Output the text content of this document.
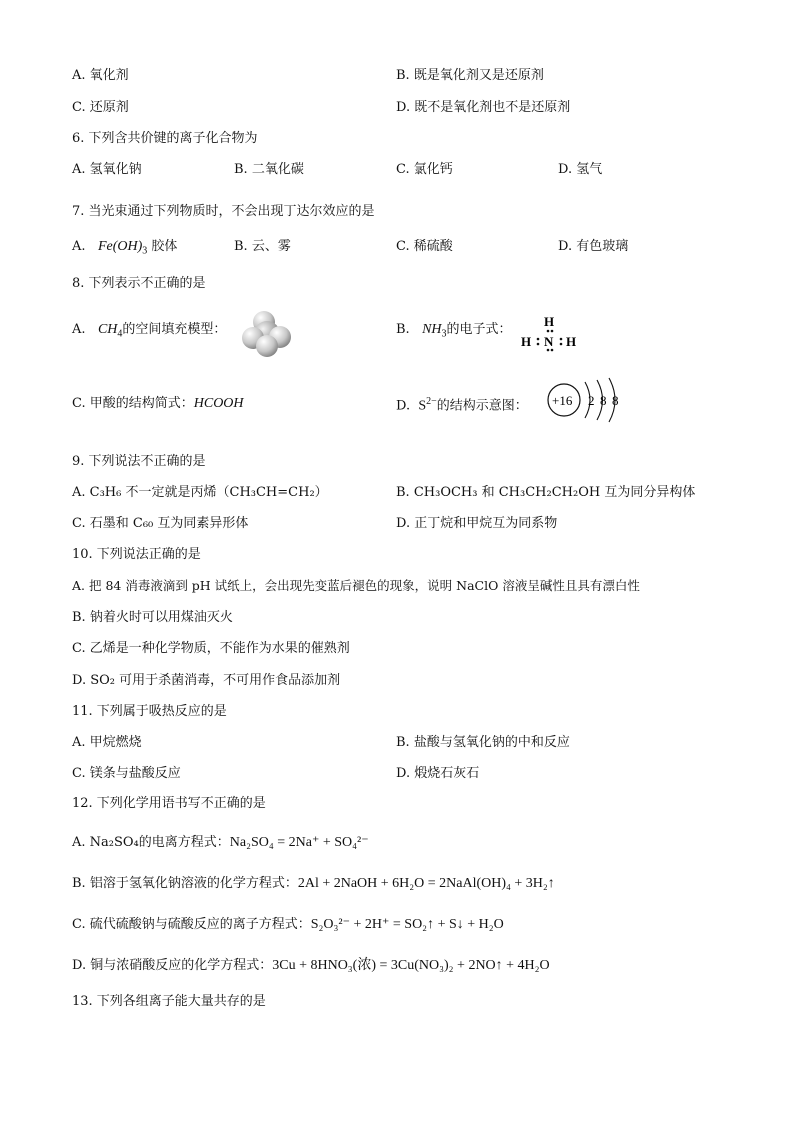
A. 氧化剂	B. 既是氧化剂又是还原剂
C. 还原剂	D. 既不是氧化剂也不是还原剂
6. 下列含共价键的离子化合物为
A. 氢氧化钠	B. 二氧化碳	C. 氯化钙	D. 氢气
7. 当光束通过下列物质时，不会出现丁达尔效应的是
A. $Fe(OH)_3$ 胶体	B. 云、雾	C. 稀硫酸	D. 有色玻璃
8. 下列表示不正确的是
A. $CH_4$的空间填充模型：	B. $NH_3$的电子式：
H
H N H
C. 甲酸的结构简式：HCOOH	D. $S^{2-}$的结构示意图： +16 2 8 8
9. 下列说法不正确的是
A. C₃H₆ 不一定就是丙烯（CH₃CH=CH₂）	B. CH₃OCH₃ 和 CH₃CH₂CH₂OH 互为同分异构体
C. 石墨和 C₆₀ 互为同素异形体	D. 正丁烷和甲烷互为同系物
10. 下列说法正确的是
A. 把 84 消毒液滴到 pH 试纸上，会出现先变蓝后褪色的现象，说明 NaClO 溶液呈碱性且具有漂白性
B. 钠着火时可以用煤油灭火
C. 乙烯是一种化学物质，不能作为水果的催熟剂
D. SO₂ 可用于杀菌消毒，不可用作食品添加剂
11. 下列属于吸热反应的是
A. 甲烷燃烧	B. 盐酸与氢氧化钠的中和反应
C. 镁条与盐酸反应	D. 煅烧石灰石
12. 下列化学用语书写不正确的是
A. Na₂SO₄的电离方程式：Na₂SO₄ = 2Na⁺ + SO₄²⁻
B. 铝溶于氢氧化钠溶液的化学方程式：2Al + 2NaOH + 6H₂O = 2NaAl(OH)₄ + 3H₂↑
C. 硫代硫酸钠与硫酸反应的离子方程式：S₂O₃²⁻ + 2H⁺ = SO₂↑ + S↓ + H₂O
D. 铜与浓硝酸反应的化学方程式：3Cu + 8HNO₃(浓) = 3Cu(NO₃)₂ + 2NO↑ + 4H₂O
13. 下列各组离子能大量共存的是
